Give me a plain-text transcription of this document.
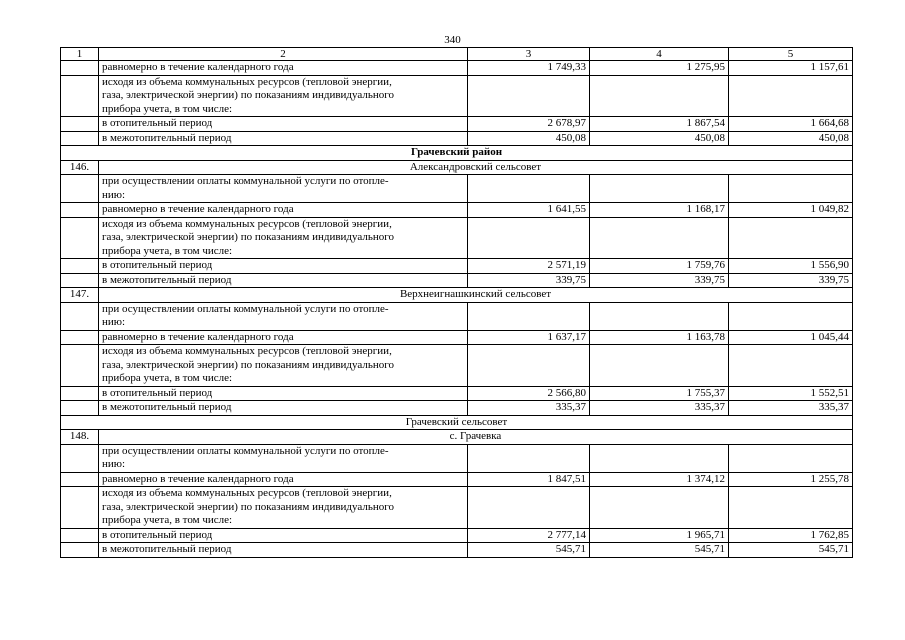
340
1	2	3	4	5
	равномерно в течение календарного года	1 749,33	1 275,95	1 157,61

	исходя из объема коммунальных ресурсов (тепловой энергии,
газа, электрической энергии) по показаниям индивидуального
прибора учета, в том числе:			

	в отопительный период	2 678,97	1 867,54	1 664,68
	в межотопительный период	450,08	450,08	450,08
Грачевский район				
146.	Александровский сельсовет			

	при осуществлении оплаты коммунальной услуги по отопле-
нию:			

	равномерно в течение календарного года	1 641,55	1 168,17	1 049,82

	исходя из объема коммунальных ресурсов (тепловой энергии,
газа, электрической энергии) по показаниям индивидуального
прибора учета, в том числе:			

	в отопительный период	2 571,19	1 759,76	1 556,90
	в межотопительный период	339,75	339,75	339,75
147.	Верхнеигнашкинский сельсовет			

	при осуществлении оплаты коммунальной услуги по отопле-
нию:			

	равномерно в течение календарного года	1 637,17	1 163,78	1 045,44

	исходя из объема коммунальных ресурсов (тепловой энергии,
газа, электрической энергии) по показаниям индивидуального
прибора учета, в том числе:			

	в отопительный период	2 566,80	1 755,37	1 552,51
	в межотопительный период	335,37	335,37	335,37
Грачевский сельсовет				
148.	с. Грачевка			

	при осуществлении оплаты коммунальной услуги по отопле-
нию:			

	равномерно в течение календарного года	1 847,51	1 374,12	1 255,78

	исходя из объема коммунальных ресурсов (тепловой энергии,
газа, электрической энергии) по показаниям индивидуального
прибора учета, в том числе:			

	в отопительный период	2 777,14	1 965,71	1 762,85
	в межотопительный период	545,71	545,71	545,71
